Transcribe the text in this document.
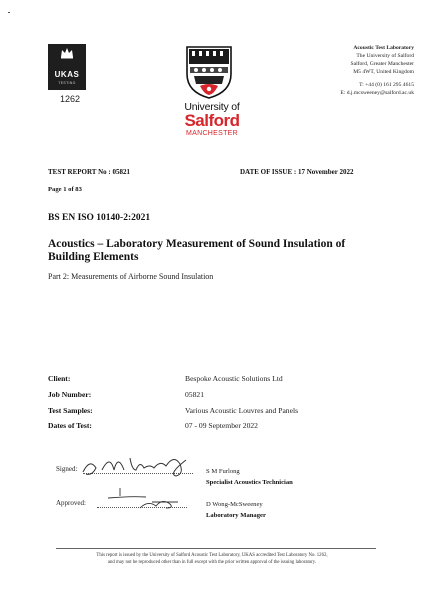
UKAS
TESTING
1262
University of
Salford
MANCHESTER
Acoustic Test Laboratory
The University of Salford
Salford, Greater Manchester
M5 4WT, United Kingdom
T: +44 (0) 161 295 4615
E: d.j.mcsweeney@salford.ac.uk
TEST REPORT No : 05821	DATE OF ISSUE : 17 November 2022
Page 1 of 83
BS EN ISO 10140-2:2021
Acoustics – Laboratory Measurement of Sound Insulation of Building Elements
Part 2: Measurements of Airborne Sound Insulation
Client:	Bespoke Acoustic Solutions Ltd
Job Number:	05821
Test Samples:	Various Acoustic Louvres and Panels
Dates of Test:	07 - 09 September 2022
Signed:	S M Furlong
Specialist Acoustics Technician
Approved:	D Wong-McSweeney
Laboratory Manager
This report is issued by the University of Salford Acoustic Test Laboratory, UKAS accredited Test Laboratory No. 1262,
and may not be reproduced other than in full except with the prior written approval of the issuing laboratory.
